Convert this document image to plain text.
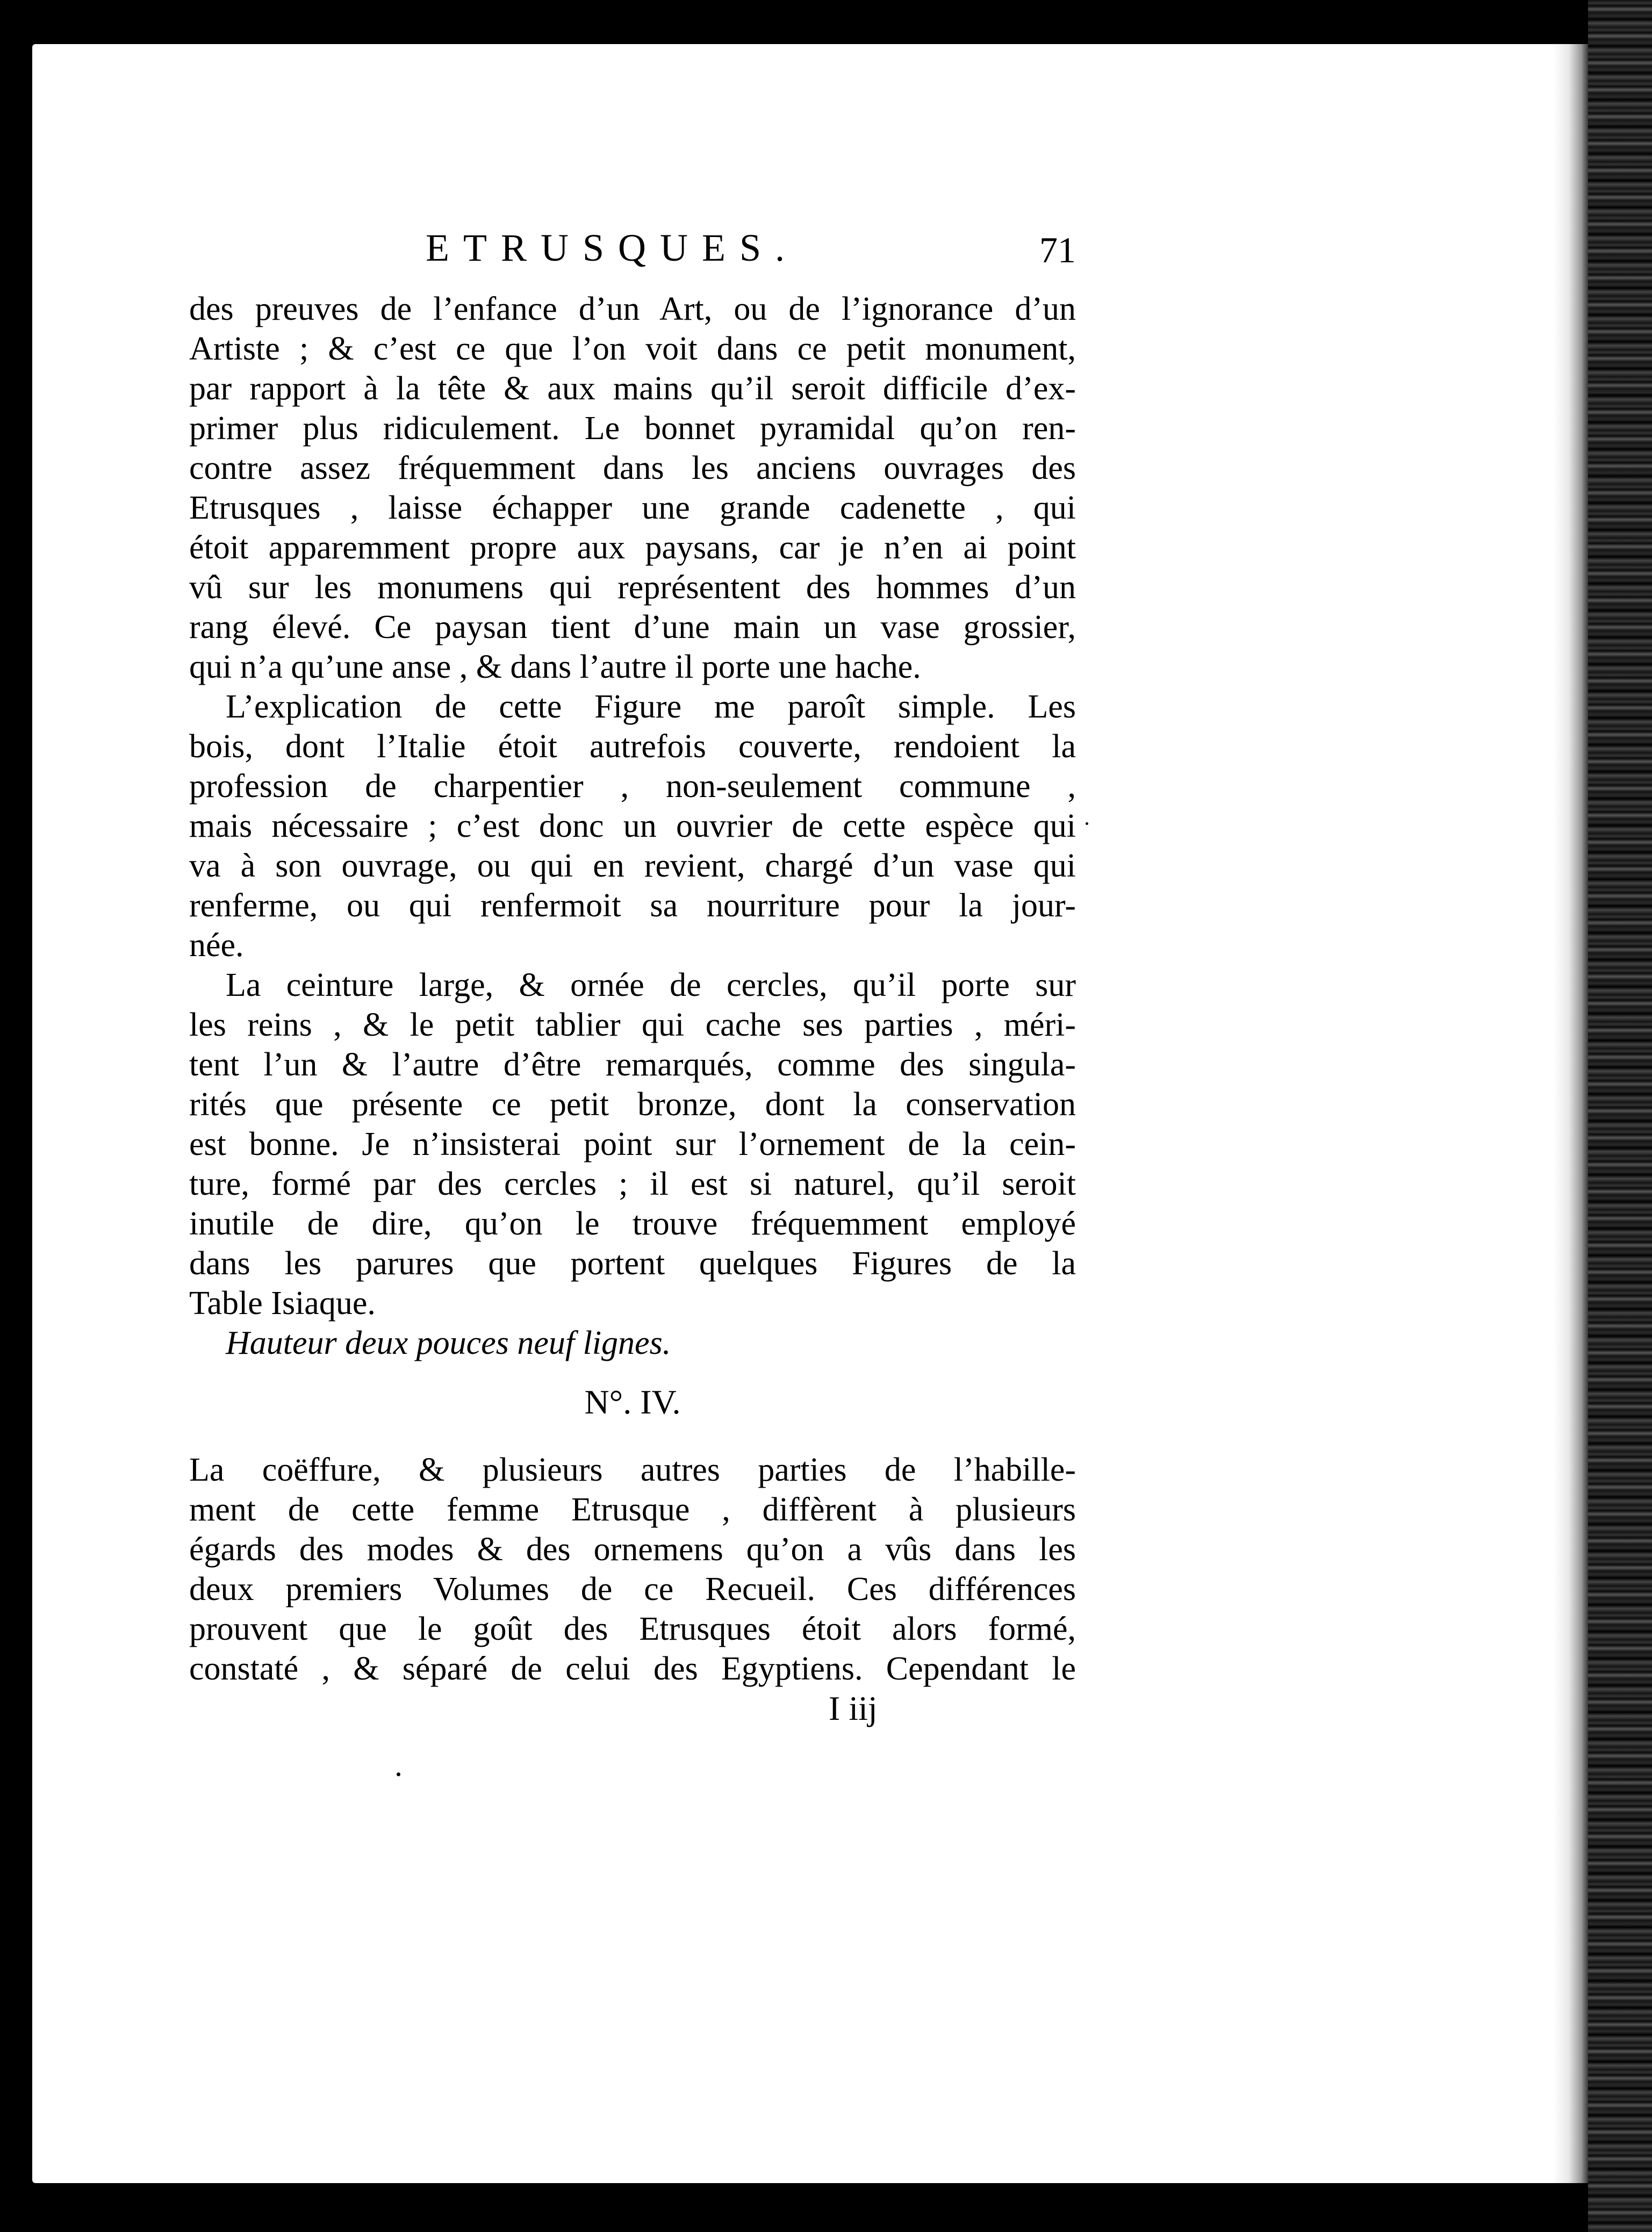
ETRUSQUES.	71
des preuves de l’enfance d’un Art, ou de l’ignorance d’un
Artiste ; & c’est ce que l’on voit dans ce petit monument,
par rapport à la tête & aux mains qu’il seroit difficile d’ex-
primer plus ridiculement. Le bonnet pyramidal qu’on ren-
contre assez fréquemment dans les anciens ouvrages des
Etrusques , laisse échapper une grande cadenette , qui
étoit apparemment propre aux paysans, car je n’en ai point
vû sur les monumens qui représentent des hommes d’un
rang élevé. Ce paysan tient d’une main un vase grossier,
qui n’a qu’une anse , & dans l’autre il porte une hache.
L’explication de cette Figure me paroît simple. Les
bois, dont l’Italie étoit autrefois couverte, rendoient la
profession de charpentier , non-seulement commune ,
mais nécessaire ; c’est donc un ouvrier de cette espèce qui
va à son ouvrage, ou qui en revient, chargé d’un vase qui
renferme, ou qui renfermoit sa nourriture pour la jour-
née.
La ceinture large, & ornée de cercles, qu’il porte sur
les reins , & le petit tablier qui cache ses parties , méri-
tent l’un & l’autre d’être remarqués, comme des singula-
rités que présente ce petit bronze, dont la conservation
est bonne. Je n’insisterai point sur l’ornement de la cein-
ture, formé par des cercles ; il est si naturel, qu’il seroit
inutile de dire, qu’on le trouve fréquemment employé
dans les parures que portent quelques Figures de la
Table Isiaque.
Hauteur deux pouces neuf lignes.
N°. IV.
La coëffure, & plusieurs autres parties de l’habille-
ment de cette femme Etrusque , diffèrent à plusieurs
égards des modes & des ornemens qu’on a vûs dans les
deux premiers Volumes de ce Recueil. Ces différences
prouvent que le goût des Etrusques étoit alors formé,
constaté , & séparé de celui des Egyptiens. Cependant le
I iij
